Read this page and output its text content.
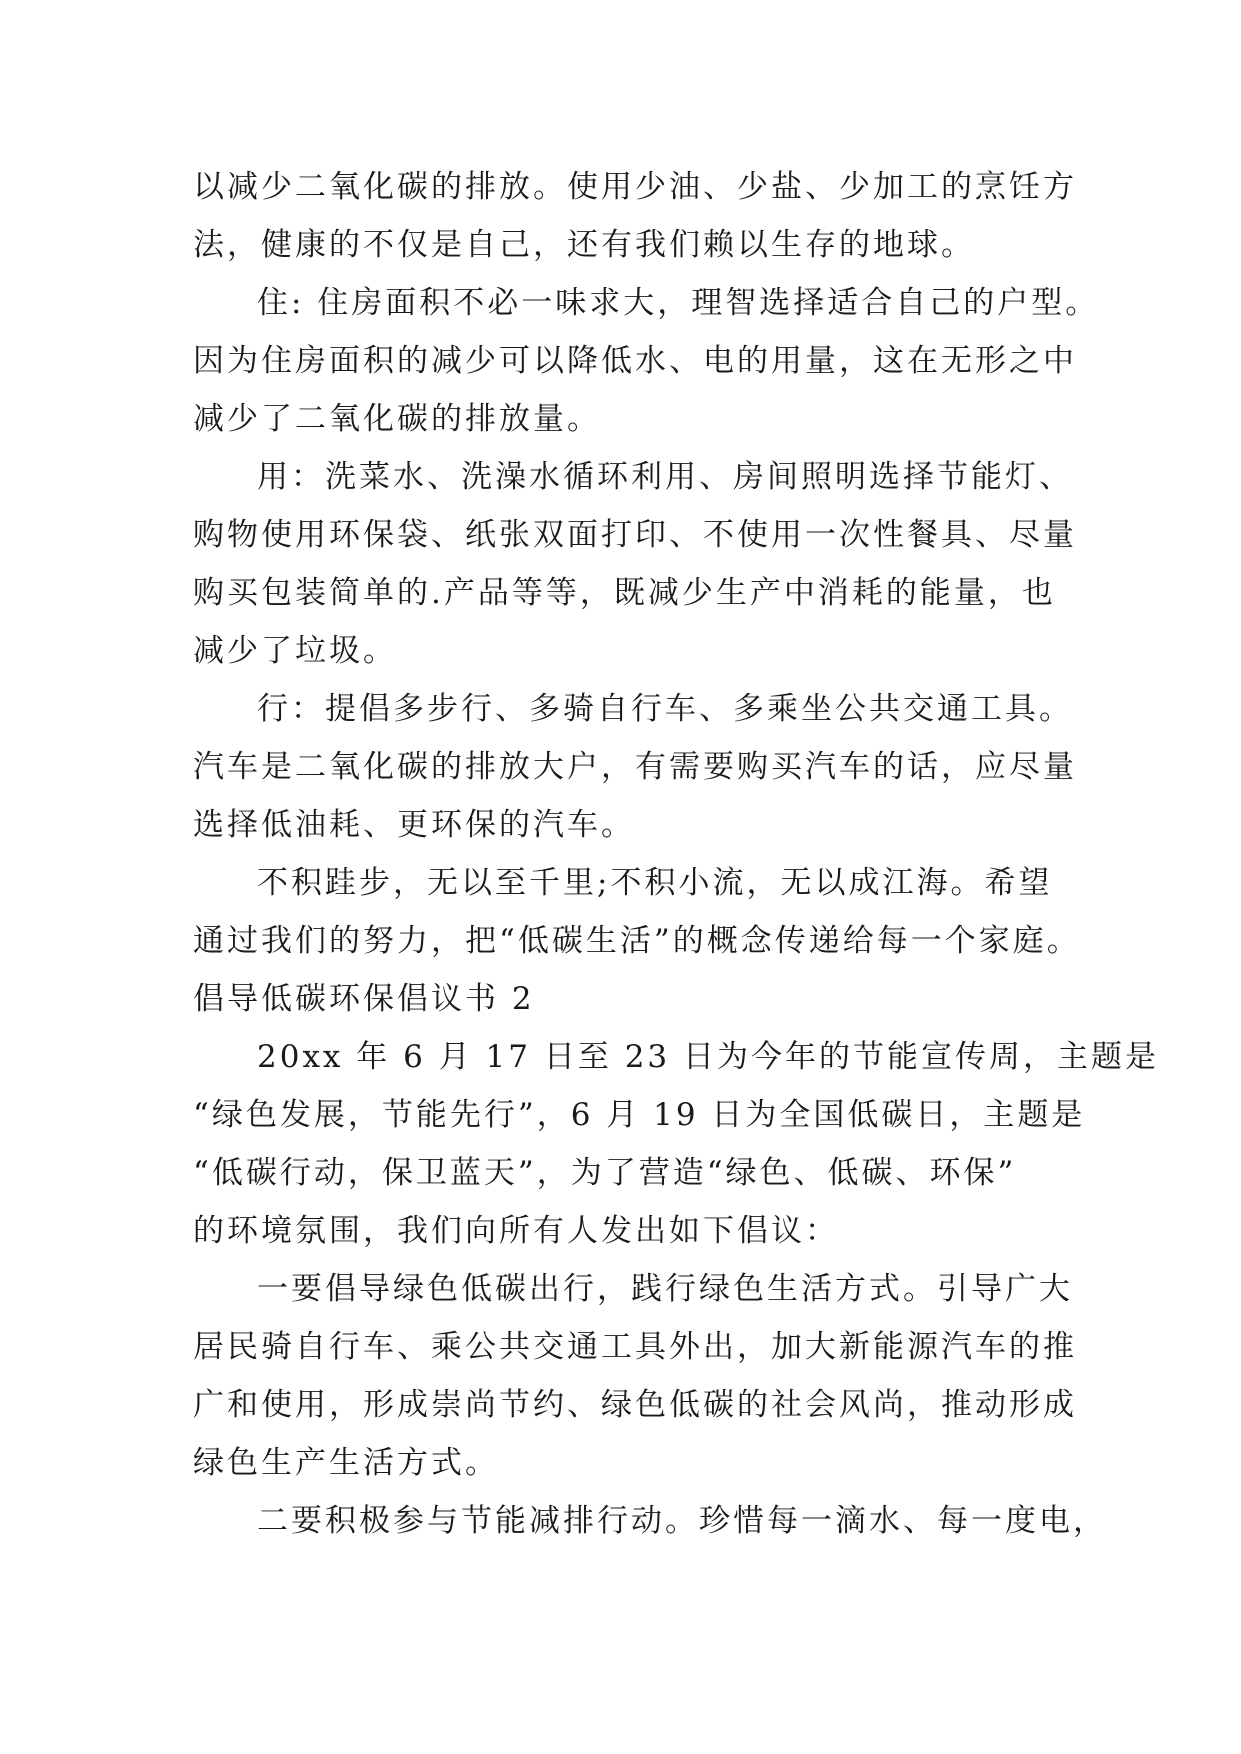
以减少二氧化碳的排放。使用少油、少盐、少加工的烹饪方
法，健康的不仅是自己，还有我们赖以生存的地球。
住: 住房面积不必一味求大，理智选择适合自己的户型。
因为住房面积的减少可以降低水、电的用量，这在无形之中
减少了二氧化碳的排放量。
用：洗菜水、洗澡水循环利用、房间照明选择节能灯、
购物使用环保袋、纸张双面打印、不使用一次性餐具、尽量
购买包装简单的.产品等等，既减少生产中消耗的能量，也
减少了垃圾。
行：提倡多步行、多骑自行车、多乘坐公共交通工具。
汽车是二氧化碳的排放大户，有需要购买汽车的话，应尽量
选择低油耗、更环保的汽车。
不积跬步，无以至千里;不积小流，无以成江海。希望
通过我们的努力，把“低碳生活”的概念传递给每一个家庭。
倡导低碳环保倡议书 2
20xx 年 6 月 17 日至 23 日为今年的节能宣传周，主题是
“绿色发展，节能先行”，6 月 19 日为全国低碳日，主题是
“低碳行动，保卫蓝天”，为了营造“绿色、低碳、环保”
的环境氛围，我们向所有人发出如下倡议：
一要倡导绿色低碳出行，践行绿色生活方式。引导广大
居民骑自行车、乘公共交通工具外出，加大新能源汽车的推
广和使用，形成崇尚节约、绿色低碳的社会风尚，推动形成
绿色生产生活方式。
二要积极参与节能减排行动。珍惜每一滴水、每一度电，
